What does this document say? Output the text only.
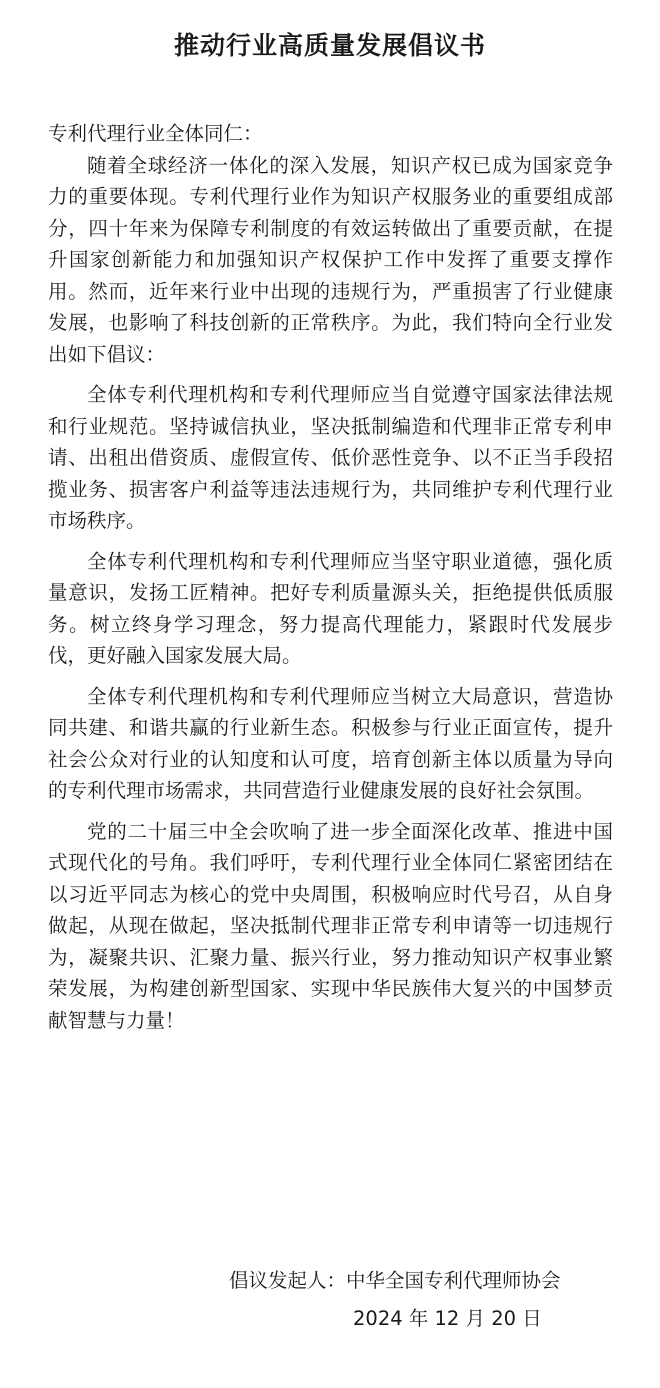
推动行业高质量发展倡议书

专利代理行业全体同仁：

随着全球经济一体化的深入发展，知识产权已成为国家竞争力的重要体现。专利代理行业作为知识产权服务业的重要组成部分，四十年来为保障专利制度的有效运转做出了重要贡献，在提升国家创新能力和加强知识产权保护工作中发挥了重要支撑作用。然而，近年来行业中出现的违规行为，严重损害了行业健康发展，也影响了科技创新的正常秩序。为此，我们特向全行业发出如下倡议：

全体专利代理机构和专利代理师应当自觉遵守国家法律法规和行业规范。坚持诚信执业，坚决抵制编造和代理非正常专利申请、出租出借资质、虚假宣传、低价恶性竞争、以不正当手段招揽业务、损害客户利益等违法违规行为，共同维护专利代理行业市场秩序。

全体专利代理机构和专利代理师应当坚守职业道德，强化质量意识，发扬工匠精神。把好专利质量源头关，拒绝提供低质服务。树立终身学习理念，努力提高代理能力，紧跟时代发展步伐，更好融入国家发展大局。

全体专利代理机构和专利代理师应当树立大局意识，营造协同共建、和谐共赢的行业新生态。积极参与行业正面宣传，提升社会公众对行业的认知度和认可度，培育创新主体以质量为导向的专利代理市场需求，共同营造行业健康发展的良好社会氛围。

党的二十届三中全会吹响了进一步全面深化改革、推进中国式现代化的号角。我们呼吁，专利代理行业全体同仁紧密团结在以习近平同志为核心的党中央周围，积极响应时代号召，从自身做起，从现在做起，坚决抵制代理非正常专利申请等一切违规行为，凝聚共识、汇聚力量、振兴行业，努力推动知识产权事业繁荣发展，为构建创新型国家、实现中华民族伟大复兴的中国梦贡献智慧与力量！

倡议发起人：中华全国专利代理师协会
2024 年 12 月 20 日
